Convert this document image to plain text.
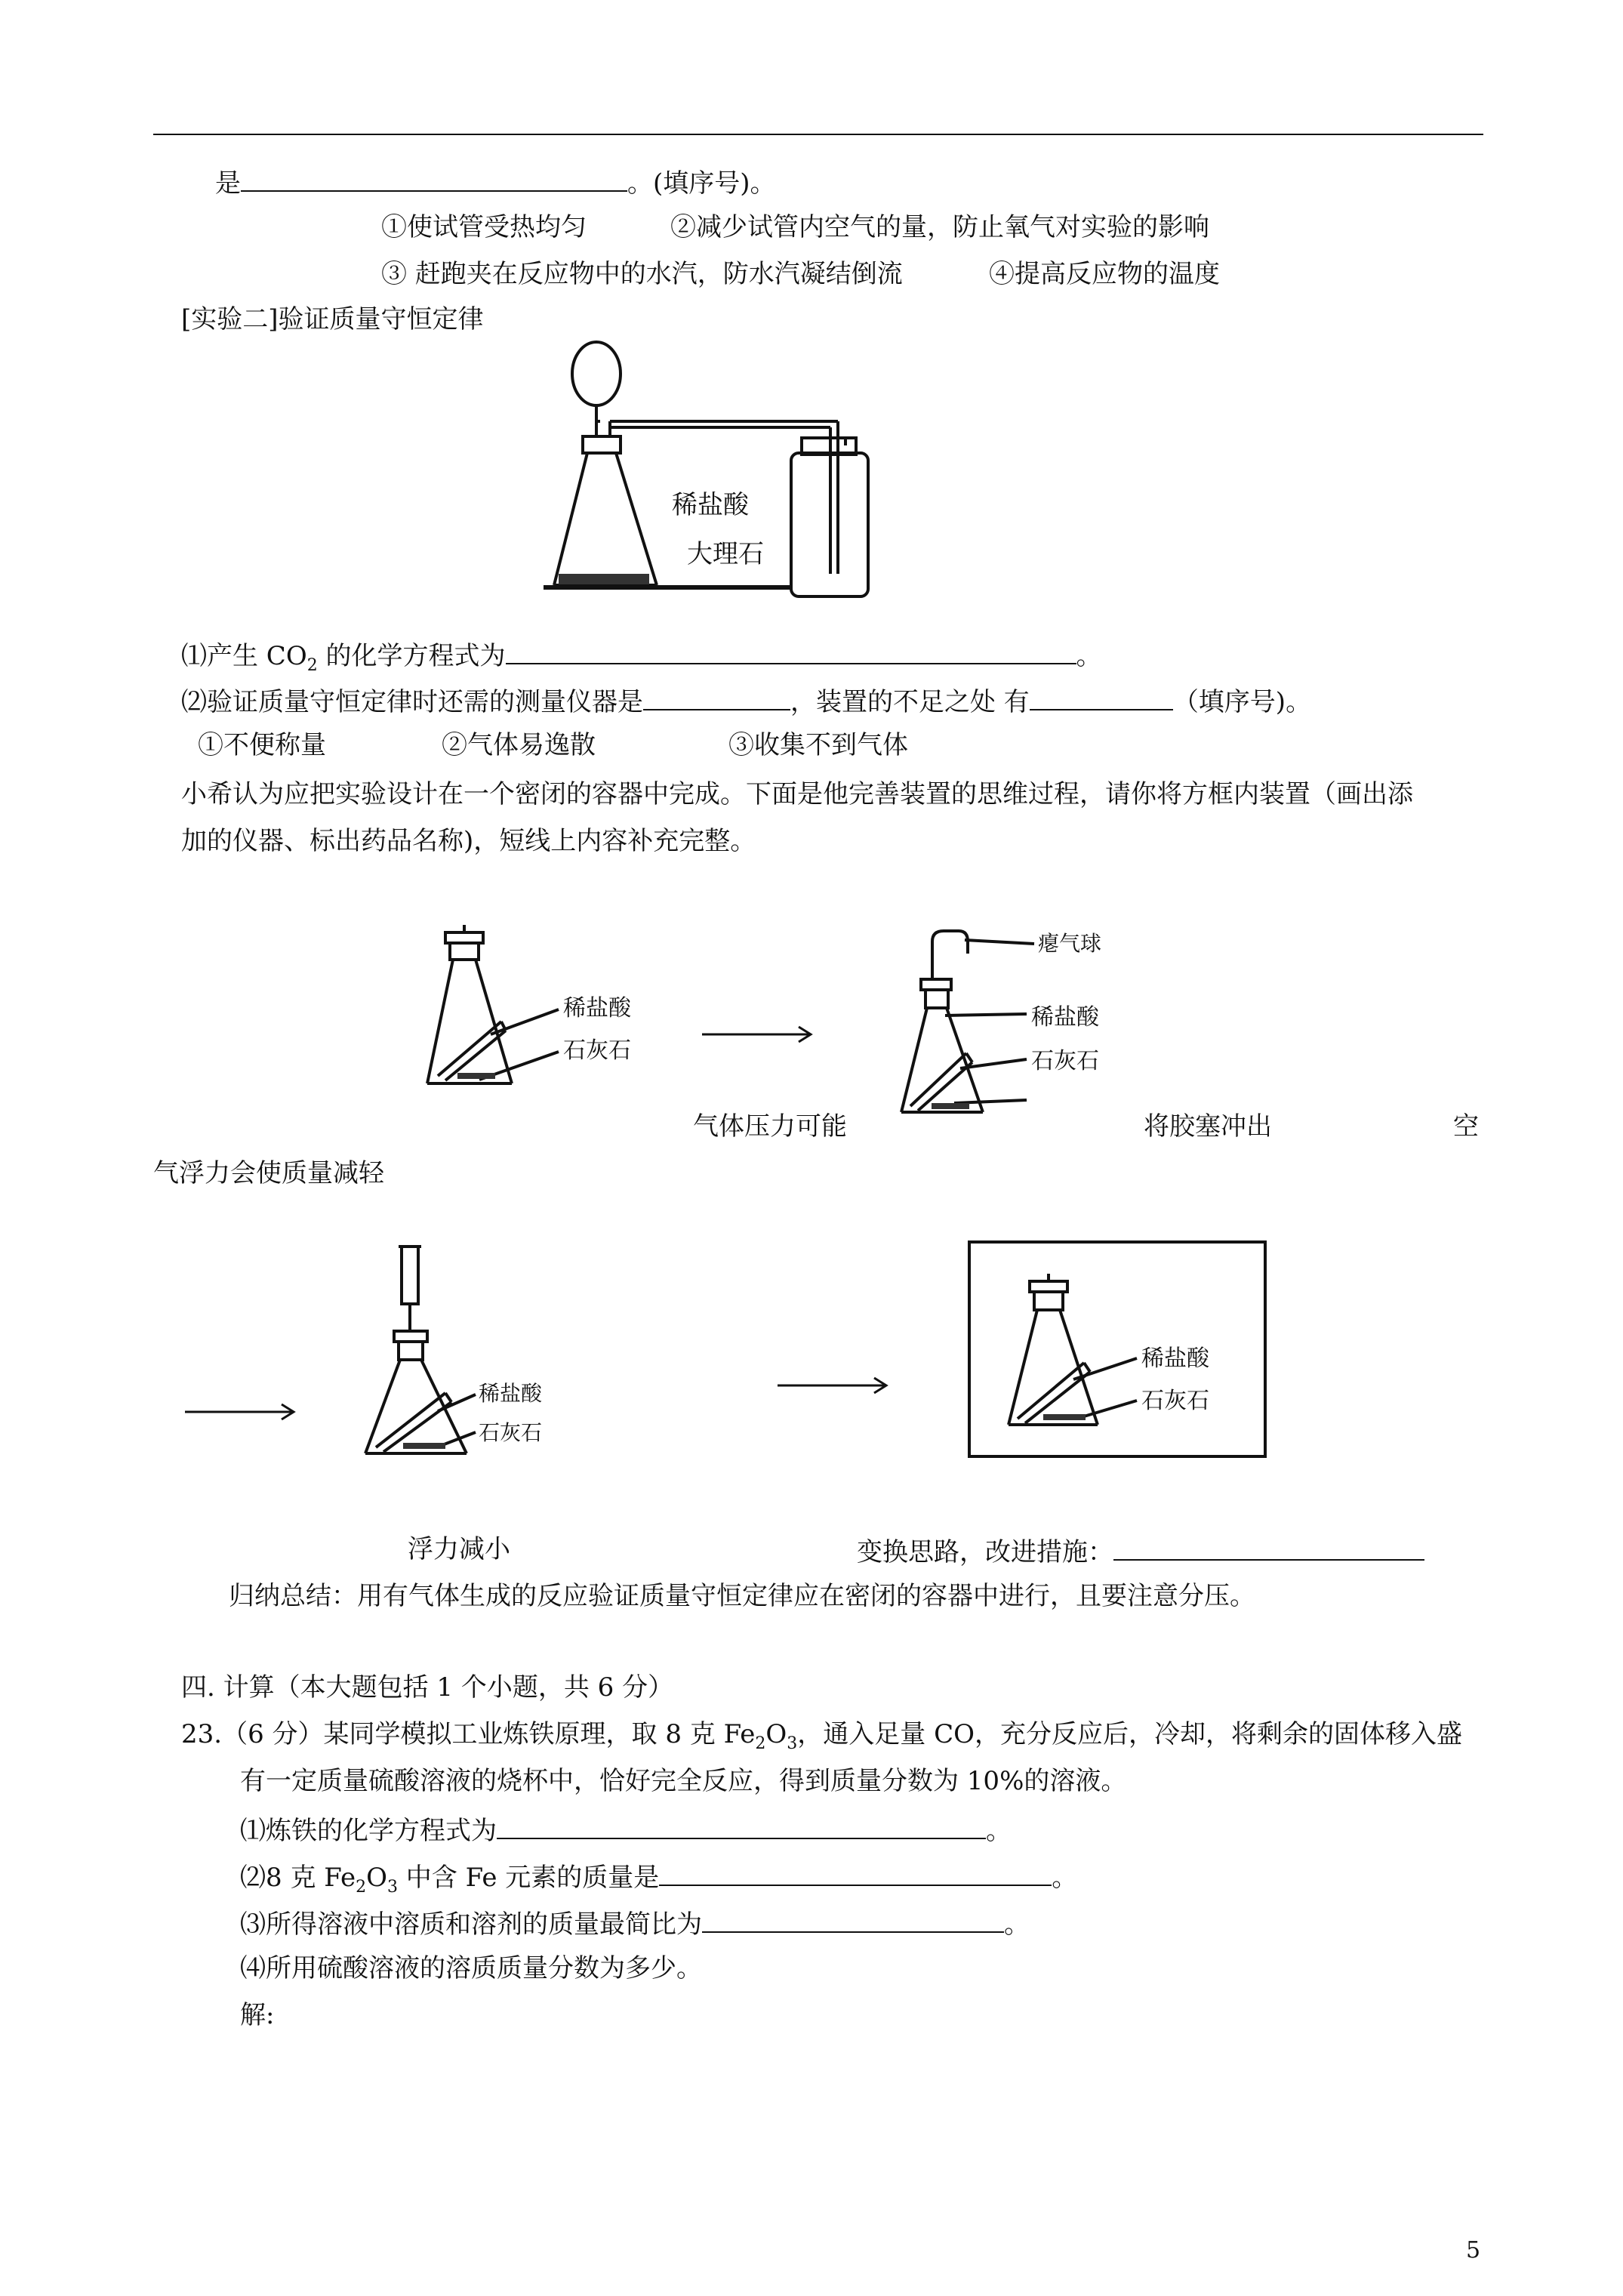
是	。(填序号)。
①使试管受热均匀	②减少试管内空气的量，防止氧气对实验的影响
③ 赶跑夹在反应物中的水汽，防水汽凝结倒流	④提高反应物的温度
[实验二]验证质量守恒定律
稀盐酸
大理石
⑴产生 $CO_2$ 的化学方程式为	。
⑵验证质量守恒定律时还需的测量仪器是	，装置的不足之处 有	（填序号)。
①不便称量	②气体易逸散	③收集不到气体
小希认为应把实验设计在一个密闭的容器中完成。下面是他完善装置的思维过程，请你将方框内装置（画出添
加的仪器、标出药品名称)，短线上内容补充完整。
稀盐酸
石灰石
瘪气球
稀盐酸
石灰石
气体压力可能	将胶塞冲出	空
气浮力会使质量减轻
稀盐酸
石灰石
稀盐酸
石灰石
浮力减小	变换思路，改进措施：
归纳总结：用有气体生成的反应验证质量守恒定律应在密闭的容器中进行，且要注意分压。
四. 计算（本大题包括 1 个小题，共 6 分）
23.（6 分）某同学模拟工业炼铁原理，取 8 克 $Fe_2O_3$，通入足量 CO，充分反应后，冷却，将剩余的固体移入盛
有一定质量硫酸溶液的烧杯中，恰好完全反应，得到质量分数为 10%的溶液。
⑴炼铁的化学方程式为	。
⑵8 克 $Fe_2O_3$ 中含 Fe 元素的质量是	。
⑶所得溶液中溶质和溶剂的质量最简比为	。
⑷所用硫酸溶液的溶质质量分数为多少。
解:
5
